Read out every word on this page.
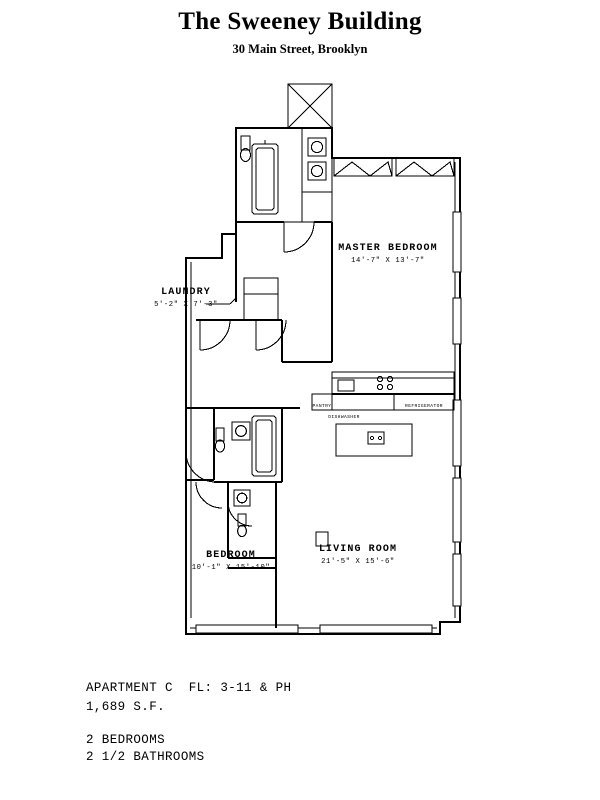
The Sweeney Building
30 Main Street, Brooklyn
LAUNDRY
5'-2" X 7'-3"
MASTER BEDROOM
14'-7" X 13'-7"
BEDROOM
10'-1" X 15'-10"
LIVING ROOM
21'-5" X 15'-6"
PANTRY
DISHWASHER
REFRIGERATOR
APARTMENT C  FL: 3-11 & PH
1,689 S.F.
2 BEDROOMS
2 1/2 BATHROOMS
